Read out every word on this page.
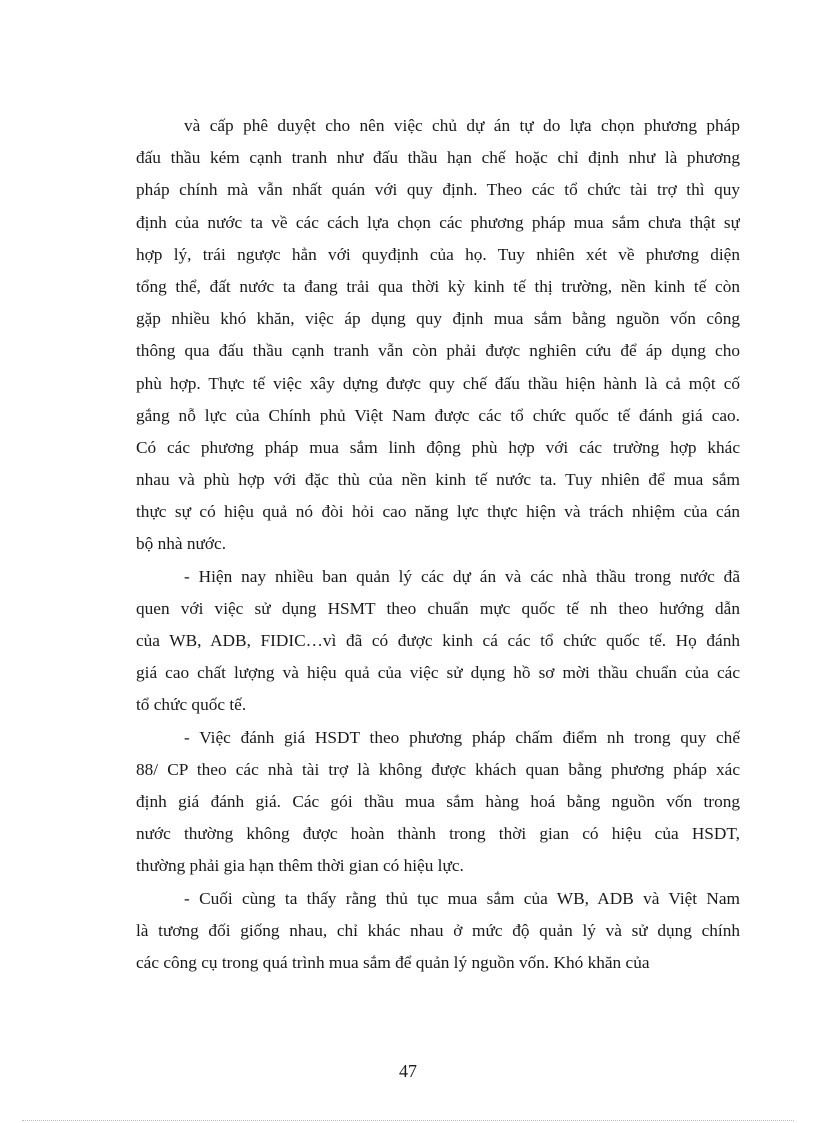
và cấp phê duyệt cho nên việc chủ dự án tự do lựa chọn phương pháp
đấu thầu kém cạnh tranh như đấu thầu hạn chế hoặc chỉ định như là phương
pháp chính mà vẫn nhất quán với quy định. Theo các tổ chức tài trợ thì quy
định của nước ta về các cách lựa chọn các phương pháp mua sắm chưa thật sự
hợp lý, trái ngược hẳn với quyđịnh của họ. Tuy nhiên xét về phương diện
tổng thể, đất nước ta đang trải qua thời kỳ kinh tế thị trường, nền kinh tế còn
gặp nhiều khó khăn, việc áp dụng quy định mua sắm bằng nguồn vốn công
thông qua đấu thầu cạnh tranh vẫn còn phải được nghiên cứu để áp dụng cho
phù hợp. Thực tế việc xây dựng được quy chế đấu thầu hiện hành là cả một cố
gắng nỗ lực của Chính phủ Việt Nam được các tổ chức quốc tế đánh giá cao.
Có các phương pháp mua sắm linh động phù hợp với các trường hợp khác
nhau và phù hợp với đặc thù của nền kinh tế nước ta. Tuy nhiên để mua sắm
thực sự có hiệu quả nó đòi hỏi cao năng lực thực hiện và trách nhiệm của cán
bộ nhà nước.
- Hiện nay nhiều ban quản lý các dự án và các nhà thầu trong nước đã
quen với việc sử dụng HSMT theo chuẩn mực quốc tế nh theo hướng dẫn
của WB, ADB, FIDIC…vì đã có được kinh cá các tổ chức quốc tế. Họ đánh
giá cao chất lượng và hiệu quả của việc sử dụng hồ sơ mời thầu chuẩn của các
tổ chức quốc tế.
- Việc đánh giá HSDT theo phương pháp chấm điểm nh trong quy chế
88/ CP theo các nhà tài trợ là không được khách quan bằng phương pháp xác
định giá đánh giá. Các gói thầu mua sắm hàng hoá bằng nguồn vốn trong
nước thường không được hoàn thành trong thời gian có hiệu của HSDT,
thường phải gia hạn thêm thời gian có hiệu lực.
- Cuối cùng ta thấy rằng thủ tục mua sắm của WB, ADB và Việt Nam
là tương đối giống nhau, chỉ khác nhau ở mức độ quản lý và sử dụng chính
các công cụ trong quá trình mua sắm để quản lý nguồn vốn. Khó khăn của
47
